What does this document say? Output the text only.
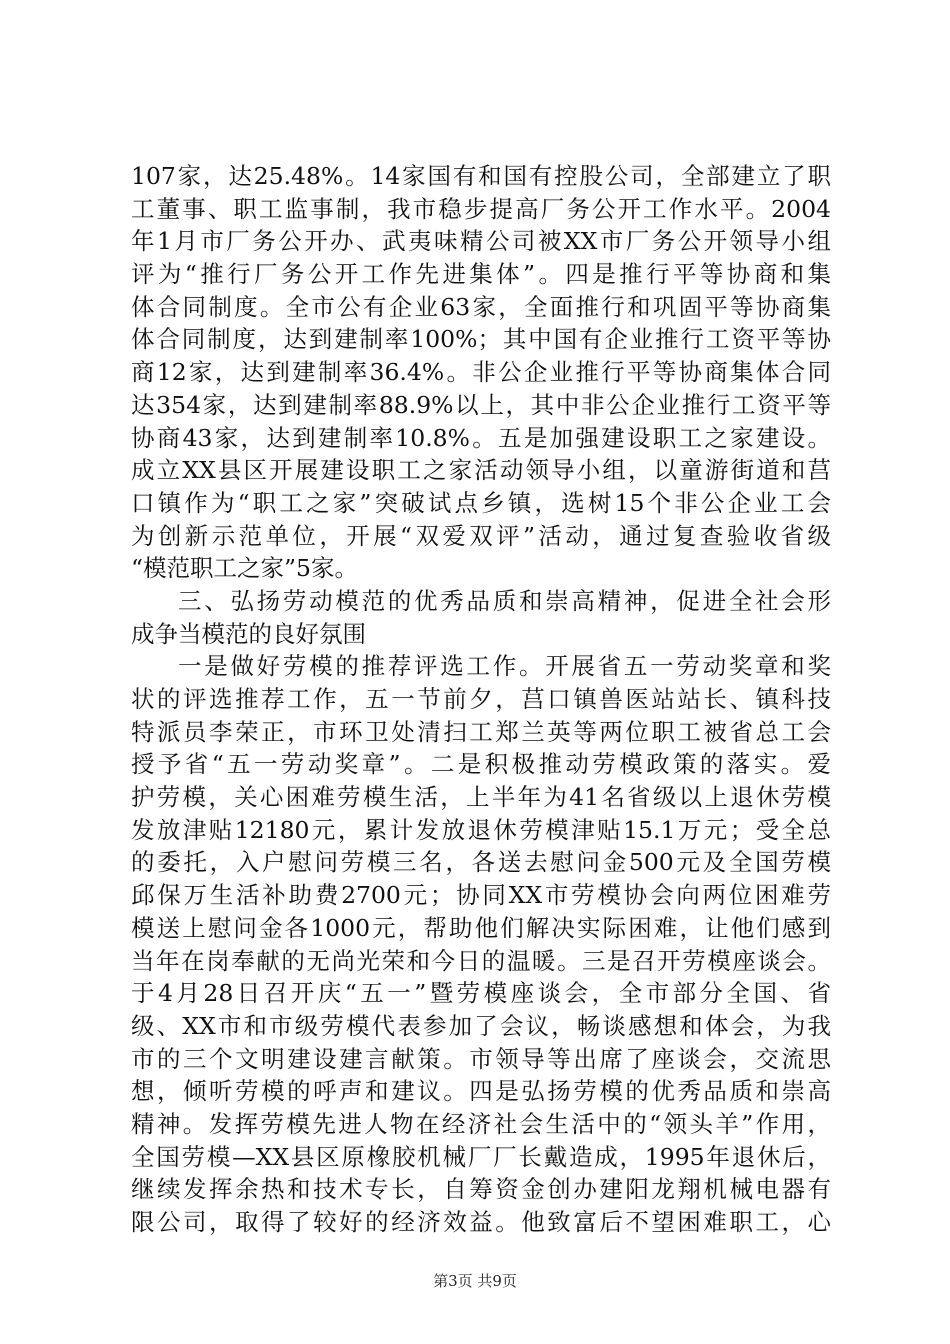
107家，达25.48%。14家国有和国有控股公司，全部建立了职
工董事、职工监事制，我市稳步提高厂务公开工作水平。2004
年1月市厂务公开办、武夷味精公司被XX市厂务公开领导小组
评为“推行厂务公开工作先进集体”。四是推行平等协商和集
体合同制度。全市公有企业63家，全面推行和巩固平等协商集
体合同制度，达到建制率100%；其中国有企业推行工资平等协
商12家，达到建制率36.4%。非公企业推行平等协商集体合同
达354家，达到建制率88.9%以上，其中非公企业推行工资平等
协商43家，达到建制率10.8%。五是加强建设职工之家建设。
成立XX县区开展建设职工之家活动领导小组，以童游街道和莒
口镇作为“职工之家”突破试点乡镇，选树15个非公企业工会
为创新示范单位，开展“双爱双评”活动，通过复查验收省级
“模范职工之家”5家。
三、弘扬劳动模范的优秀品质和崇高精神，促进全社会形
成争当模范的良好氛围
一是做好劳模的推荐评选工作。开展省五一劳动奖章和奖
状的评选推荐工作，五一节前夕，莒口镇兽医站站长、镇科技
特派员李荣正，市环卫处清扫工郑兰英等两位职工被省总工会
授予省“五一劳动奖章”。二是积极推动劳模政策的落实。爱
护劳模，关心困难劳模生活，上半年为41名省级以上退休劳模
发放津贴12180元，累计发放退休劳模津贴15.1万元；受全总
的委托，入户慰问劳模三名，各送去慰问金500元及全国劳模
邱保万生活补助费2700元；协同XX市劳模协会向两位困难劳
模送上慰问金各1000元，帮助他们解决实际困难，让他们感到
当年在岗奉献的无尚光荣和今日的温暖。三是召开劳模座谈会。
于4月28日召开庆“五一”暨劳模座谈会，全市部分全国、省
级、XX市和市级劳模代表参加了会议，畅谈感想和体会，为我
市的三个文明建设建言献策。市领导等出席了座谈会，交流思
想，倾听劳模的呼声和建议。四是弘扬劳模的优秀品质和崇高
精神。发挥劳模先进人物在经济社会生活中的“领头羊”作用，
全国劳模—XX县区原橡胶机械厂厂长戴造成，1995年退休后，
继续发挥余热和技术专长，自筹资金创办建阳龙翔机械电器有
限公司，取得了较好的经济效益。他致富后不望困难职工，心
第3页 共9页
